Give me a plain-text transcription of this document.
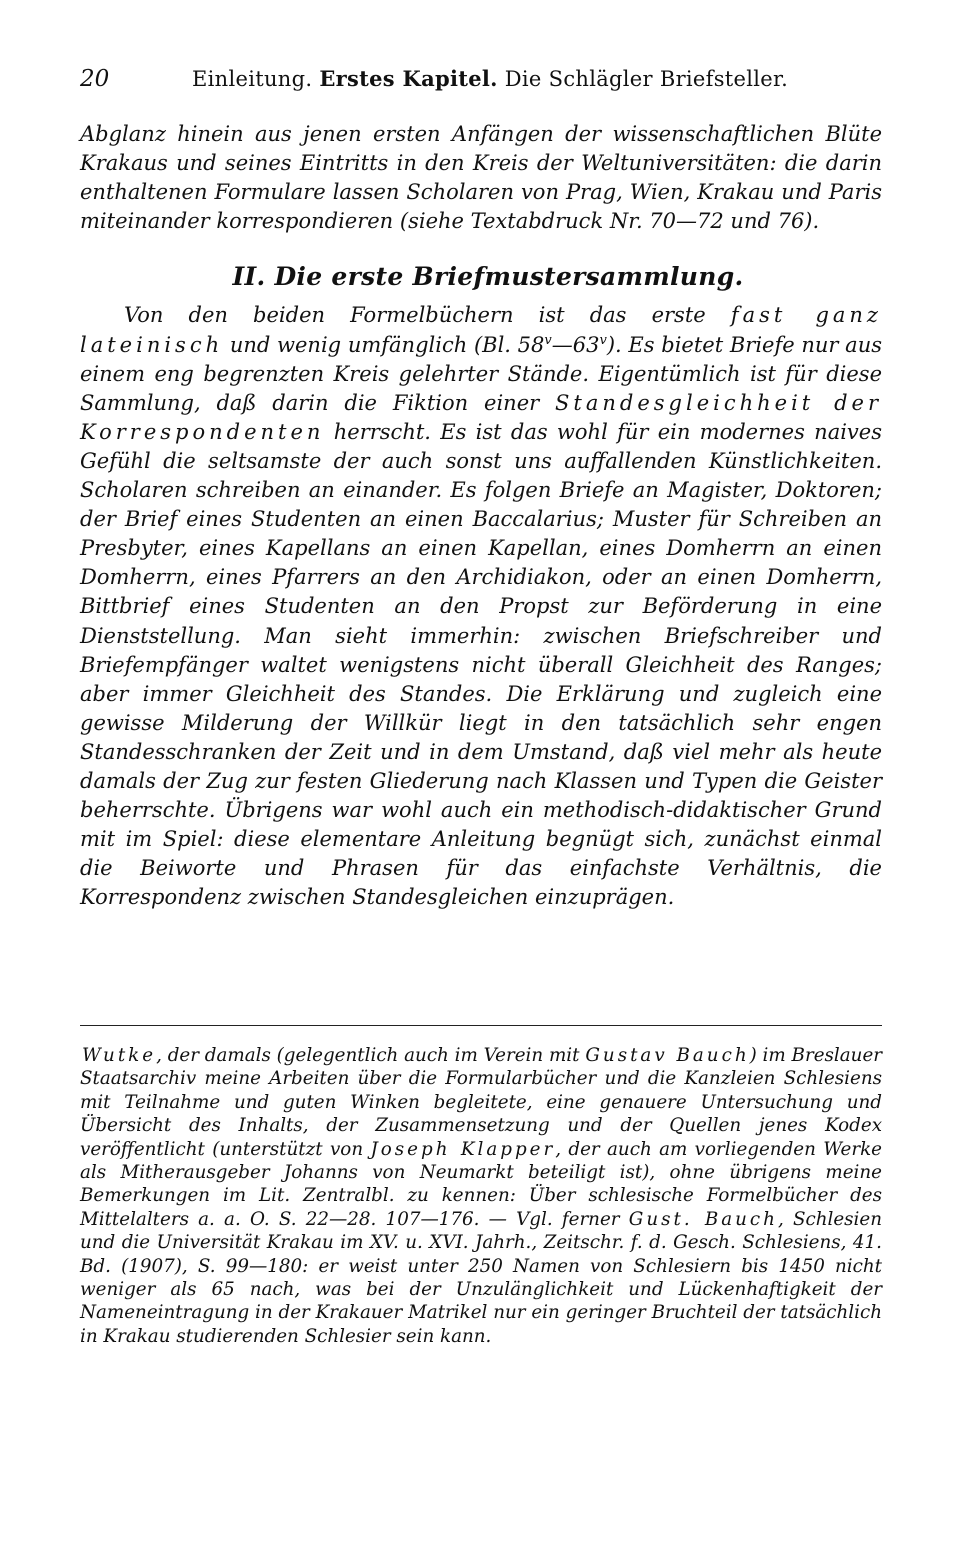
20	Einleitung. Erstes Kapitel. Die Schlägler Briefsteller.

Abglanz hinein aus jenen ersten Anfängen der wissenschaftlichen Blüte Krakaus und seines Eintritts in den Kreis der Weltuniversitäten: die darin enthaltenen Formulare lassen Scholaren von Prag, Wien, Krakau und Paris miteinander korrespondieren (siehe Textabdruck Nr. 70—72 und 76).

II. Die erste Briefmustersammlung.

Von den beiden Formelbüchern ist das erste fast ganz lateinisch und wenig umfänglich (Bl. 58$^v$—63$^v$). Es bietet Briefe nur aus einem eng begrenzten Kreis gelehrter Stände. Eigentümlich ist für diese Sammlung, daß darin die Fiktion einer Standesgleichheit der Korrespondenten herrscht. Es ist das wohl für ein modernes naives Gefühl die seltsamste der auch sonst uns auffallenden Künstlichkeiten. Scholaren schreiben an einander. Es folgen Briefe an Magister, Doktoren; der Brief eines Studenten an einen Baccalarius; Muster für Schreiben an Presbyter, eines Kapellans an einen Kapellan, eines Domherrn an einen Domherrn, eines Pfarrers an den Archidiakon, oder an einen Domherrn, Bittbrief eines Studenten an den Propst zur Beförderung in eine Dienststellung. Man sieht immerhin: zwischen Briefschreiber und Briefempfänger waltet wenigstens nicht überall Gleichheit des Ranges; aber immer Gleichheit des Standes. Die Erklärung und zugleich eine gewisse Milderung der Willkür liegt in den tatsächlich sehr engen Standesschranken der Zeit und in dem Umstand, daß viel mehr als heute damals der Zug zur festen Gliederung nach Klassen und Typen die Geister beherrschte. Übrigens war wohl auch ein methodisch-didaktischer Grund mit im Spiel: diese elementare Anleitung begnügt sich, zunächst einmal die Beiworte und Phrasen für das einfachste Verhältnis, die Korrespondenz zwischen Standesgleichen einzuprägen.

Wutke, der damals (gelegentlich auch im Verein mit Gustav Bauch) im Breslauer Staatsarchiv meine Arbeiten über die Formularbücher und die Kanzleien Schlesiens mit Teilnahme und guten Winken begleitete, eine genauere Untersuchung und Übersicht des Inhalts, der Zusammensetzung und der Quellen jenes Kodex veröffentlicht (unterstützt von Joseph Klapper, der auch am vorliegenden Werke als Mitherausgeber Johanns von Neumarkt beteiligt ist), ohne übrigens meine Bemerkungen im Lit. Zentralbl. zu kennen: Über schlesische Formelbücher des Mittelalters a. a. O. S. 22—28. 107—176. — Vgl. ferner Gust. Bauch, Schlesien und die Universität Krakau im XV. u. XVI. Jahrh., Zeitschr. f. d. Gesch. Schlesiens, 41. Bd. (1907), S. 99—180: er weist unter 250 Namen von Schlesiern bis 1450 nicht weniger als 65 nach, was bei der Unzulänglichkeit und Lückenhaftigkeit der Nameneintragung in der Krakauer Matrikel nur ein geringer Bruchteil der tatsächlich in Krakau studierenden Schlesier sein kann.
